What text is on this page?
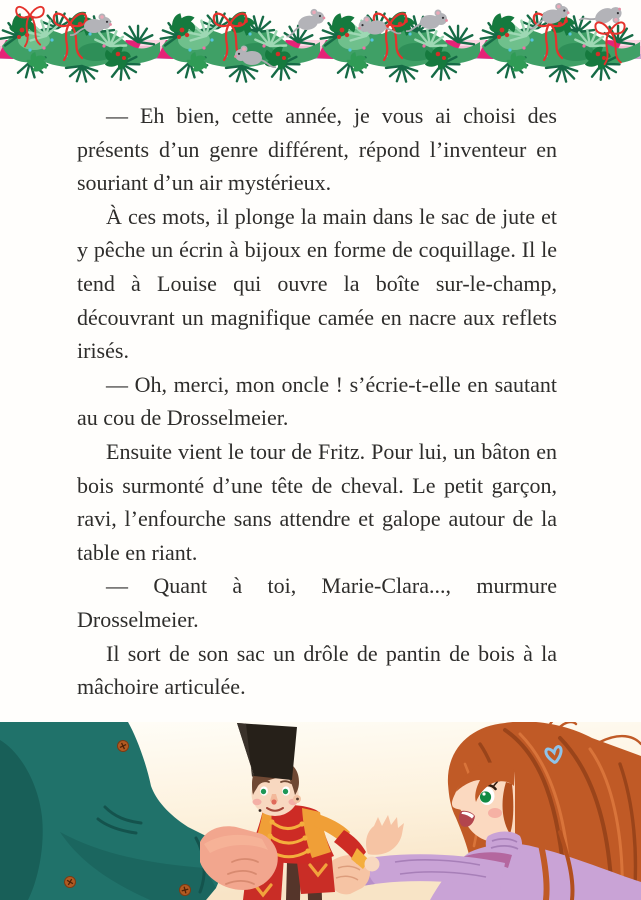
— Eh bien, cette année, je vous ai choisi des présents d’un genre différent, répond l’inventeur en souriant d’un air mystérieux.

À ces mots, il plonge la main dans le sac de jute et y pêche un écrin à bijoux en forme de coquillage. Il le tend à Louise qui ouvre la boîte sur-le-champ, découvrant un magnifique camée en nacre aux reflets irisés.

— Oh, merci, mon oncle ! s’écrie-t-elle en sautant au cou de Drosselmeier.

Ensuite vient le tour de Fritz. Pour lui, un bâton en bois surmonté d’une tête de cheval. Le petit garçon, ravi, l’enfourche sans attendre et galope autour de la table en riant.

— Quant à toi, Marie-Clara..., murmure Drosselmeier.

Il sort de son sac un drôle de pantin de bois à la mâchoire articulée.
